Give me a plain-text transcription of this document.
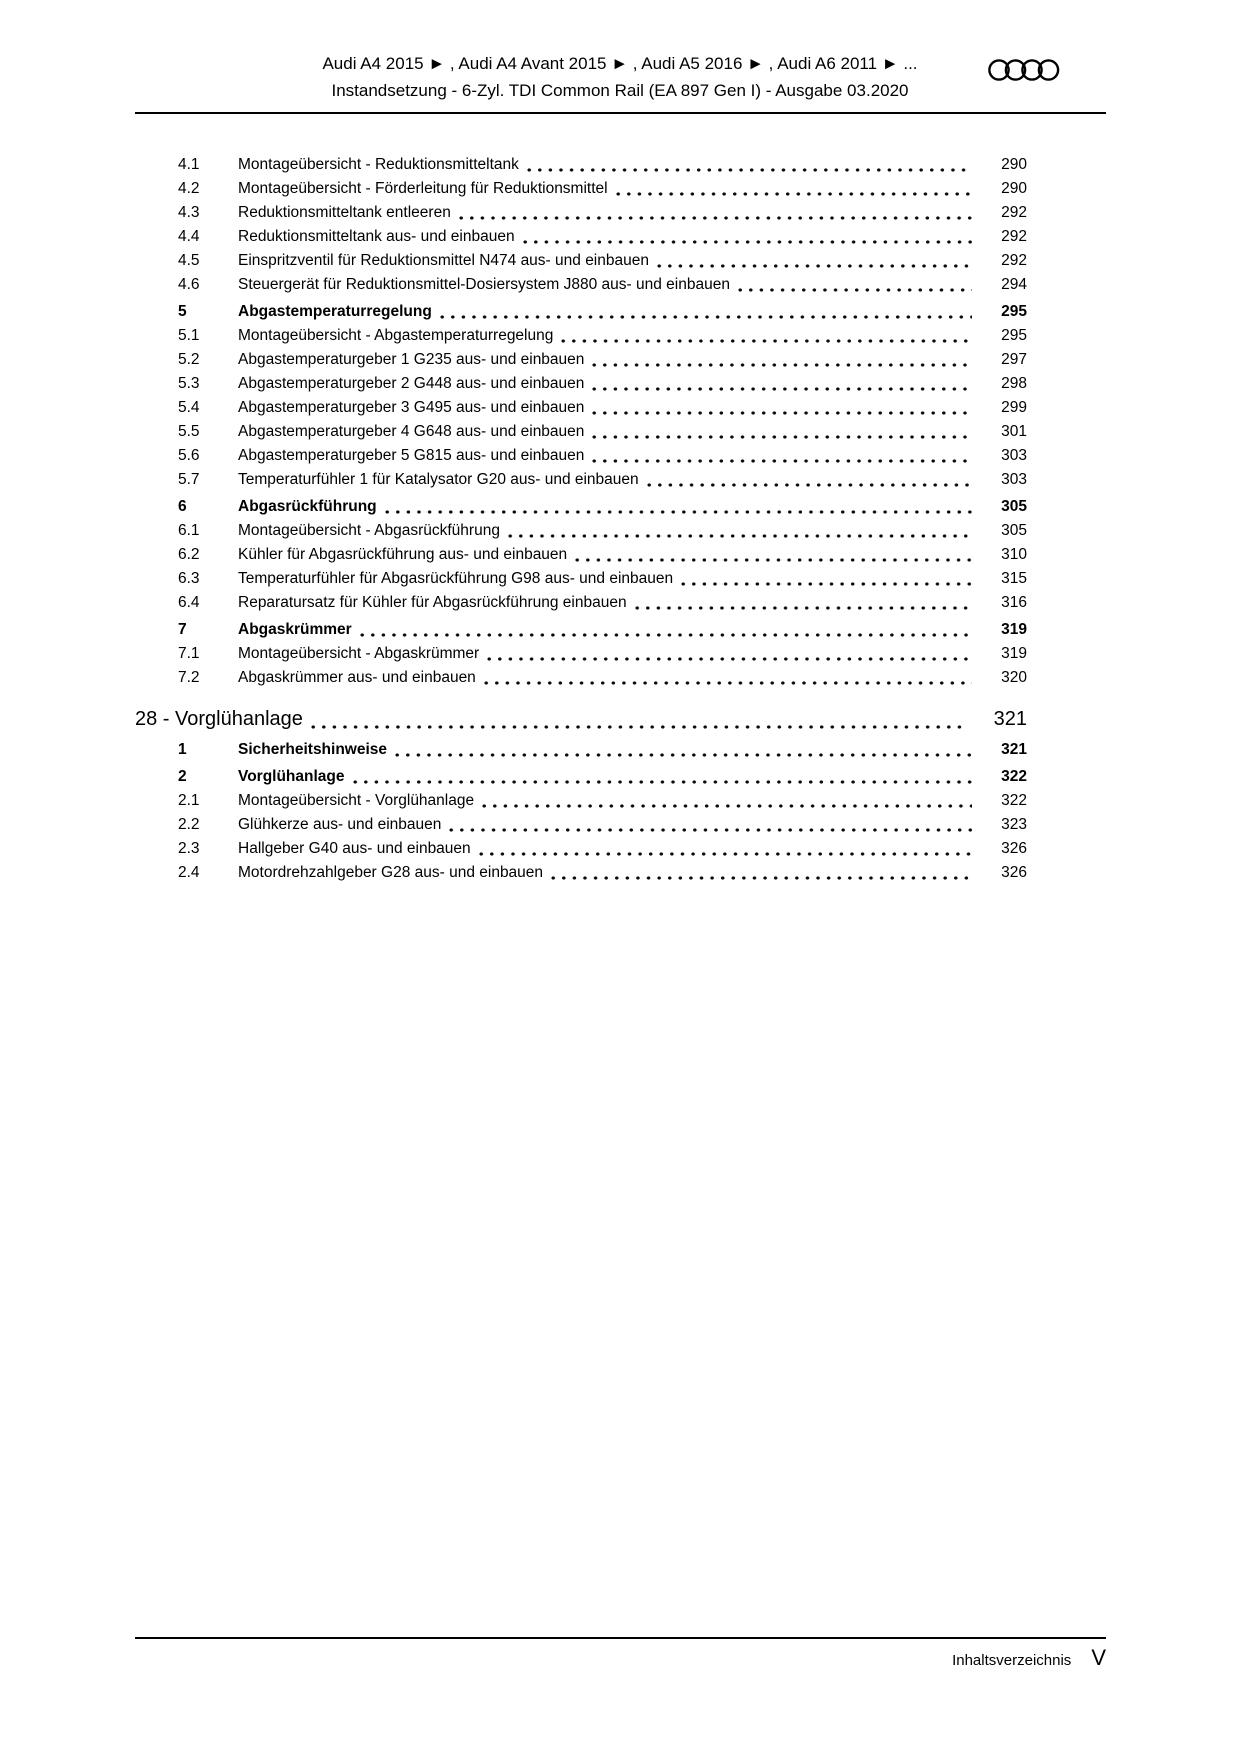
Audi A4 2015 ► , Audi A4 Avant 2015 ► , Audi A5 2016 ► , Audi A6 2011 ► ...
Instandsetzung - 6-Zyl. TDI Common Rail (EA 897 Gen I) - Ausgabe 03.2020
4.1	Montageübersicht - Reduktionsmitteltank	290
4.2	Montageübersicht - Förderleitung für Reduktionsmittel	290
4.3	Reduktionsmitteltank entleeren	292
4.4	Reduktionsmitteltank aus- und einbauen	292
4.5	Einspritzventil für Reduktionsmittel N474 aus- und einbauen	292
4.6	Steuergerät für Reduktionsmittel-Dosiersystem J880 aus- und einbauen	294
5	Abgastemperaturregelung	295
5.1	Montageübersicht - Abgastemperaturregelung	295
5.2	Abgastemperaturgeber 1 G235 aus- und einbauen	297
5.3	Abgastemperaturgeber 2 G448 aus- und einbauen	298
5.4	Abgastemperaturgeber 3 G495 aus- und einbauen	299
5.5	Abgastemperaturgeber 4 G648 aus- und einbauen	301
5.6	Abgastemperaturgeber 5 G815 aus- und einbauen	303
5.7	Temperaturfühler 1 für Katalysator G20 aus- und einbauen	303
6	Abgasrückführung	305
6.1	Montageübersicht - Abgasrückführung	305
6.2	Kühler für Abgasrückführung aus- und einbauen	310
6.3	Temperaturfühler für Abgasrückführung G98 aus- und einbauen	315
6.4	Reparatursatz für Kühler für Abgasrückführung einbauen	316
7	Abgaskrümmer	319
7.1	Montageübersicht - Abgaskrümmer	319
7.2	Abgaskrümmer aus- und einbauen	320
28 - Vorglühanlage	321
1	Sicherheitshinweise	321
2	Vorglühanlage	322
2.1	Montageübersicht - Vorglühanlage	322
2.2	Glühkerze aus- und einbauen	323
2.3	Hallgeber G40 aus- und einbauen	326
2.4	Motordrehzahlgeber G28 aus- und einbauen	326
Inhaltsverzeichnis V
